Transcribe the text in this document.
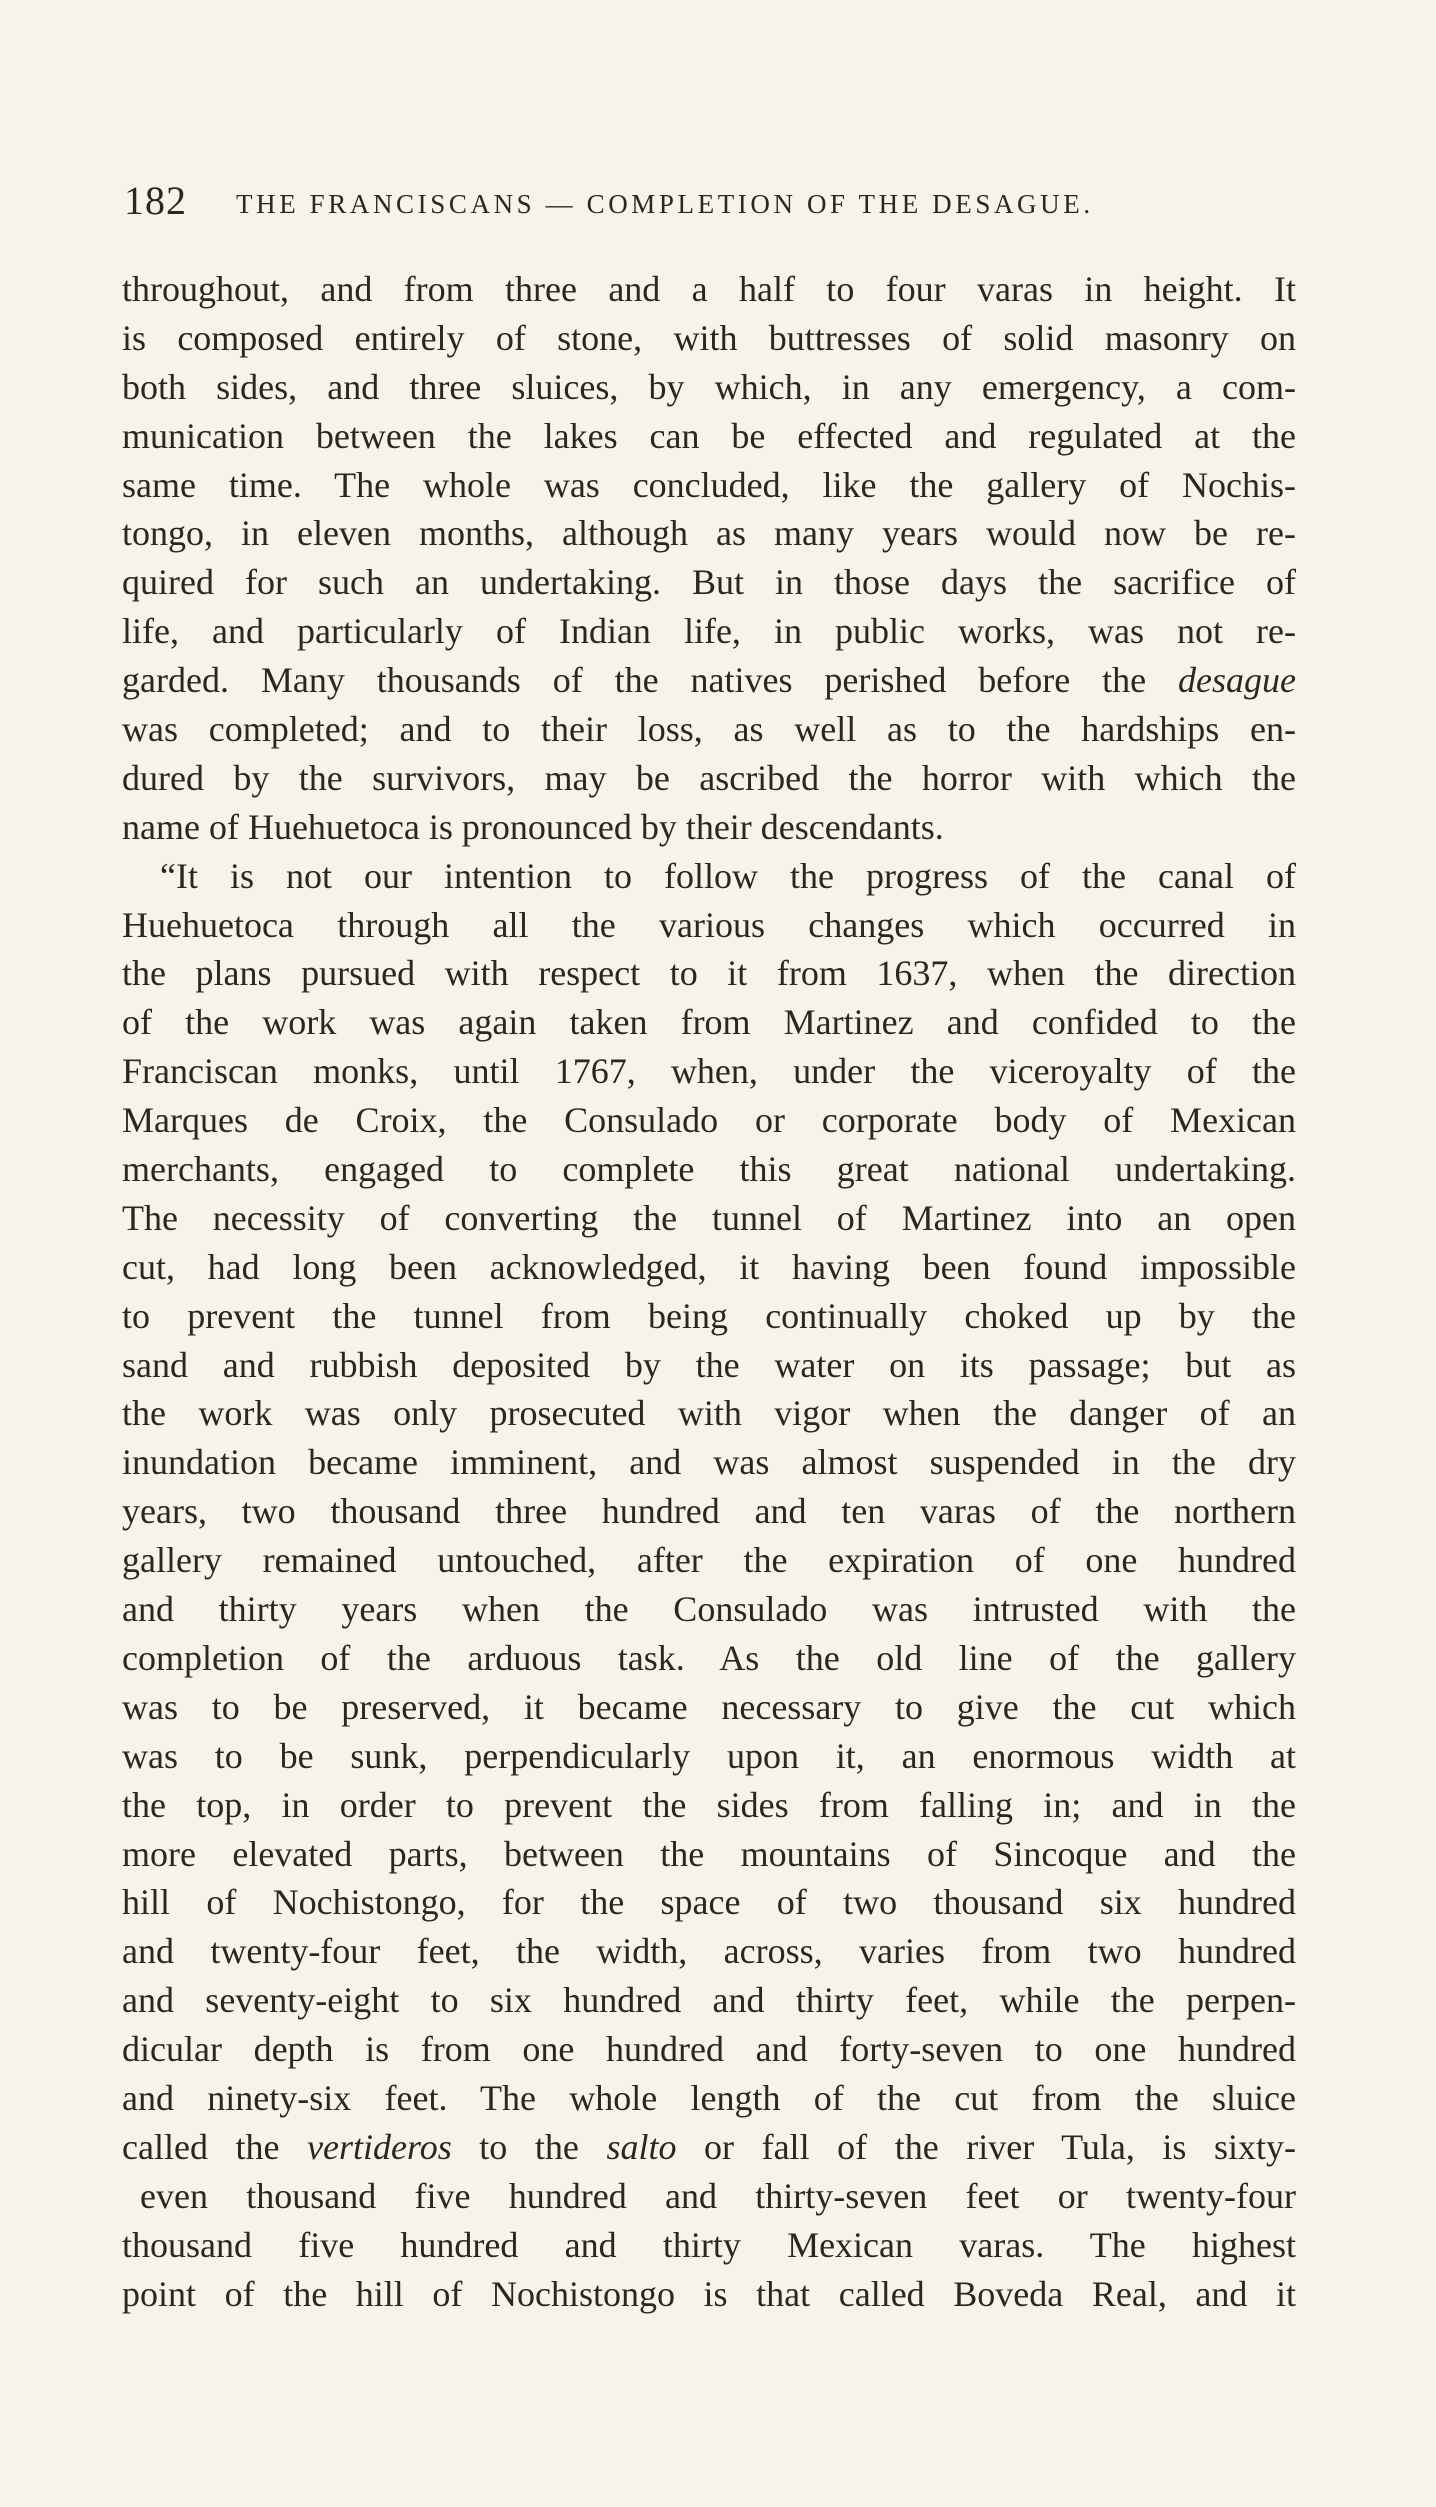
182 THE FRANCISCANS — COMPLETION OF THE DESAGUE.
throughout, and from three and a half to four varas in height. It
is composed entirely of stone, with buttresses of solid masonry on
both sides, and three sluices, by which, in any emergency, a com-
munication between the lakes can be effected and regulated at the
same time. The whole was concluded, like the gallery of Nochis-
tongo, in eleven months, although as many years would now be re-
quired for such an undertaking. But in those days the sacrifice of
life, and particularly of Indian life, in public works, was not re-
garded. Many thousands of the natives perished before the desague
was completed; and to their loss, as well as to the hardships en-
dured by the survivors, may be ascribed the horror with which the
name of Huehuetoca is pronounced by their descendants.
“It is not our intention to follow the progress of the canal of
Huehuetoca through all the various changes which occurred in
the plans pursued with respect to it from 1637, when the direction
of the work was again taken from Martinez and confided to the
Franciscan monks, until 1767, when, under the viceroyalty of the
Marques de Croix, the Consulado or corporate body of Mexican
merchants, engaged to complete this great national undertaking.
The necessity of converting the tunnel of Martinez into an open
cut, had long been acknowledged, it having been found impossible
to prevent the tunnel from being continually choked up by the
sand and rubbish deposited by the water on its passage; but as
the work was only prosecuted with vigor when the danger of an
inundation became imminent, and was almost suspended in the dry
years, two thousand three hundred and ten varas of the northern
gallery remained untouched, after the expiration of one hundred
and thirty years when the Consulado was intrusted with the
completion of the arduous task. As the old line of the gallery
was to be preserved, it became necessary to give the cut which
was to be sunk, perpendicularly upon it, an enormous width at
the top, in order to prevent the sides from falling in; and in the
more elevated parts, between the mountains of Sincoque and the
hill of Nochistongo, for the space of two thousand six hundred
and twenty-four feet, the width, across, varies from two hundred
and seventy-eight to six hundred and thirty feet, while the perpen-
dicular depth is from one hundred and forty-seven to one hundred
and ninety-six feet. The whole length of the cut from the sluice
called the vertideros to the salto or fall of the river Tula, is sixty-
even thousand five hundred and thirty-seven feet or twenty-four
thousand five hundred and thirty Mexican varas. The highest
point of the hill of Nochistongo is that called Boveda Real, and it
